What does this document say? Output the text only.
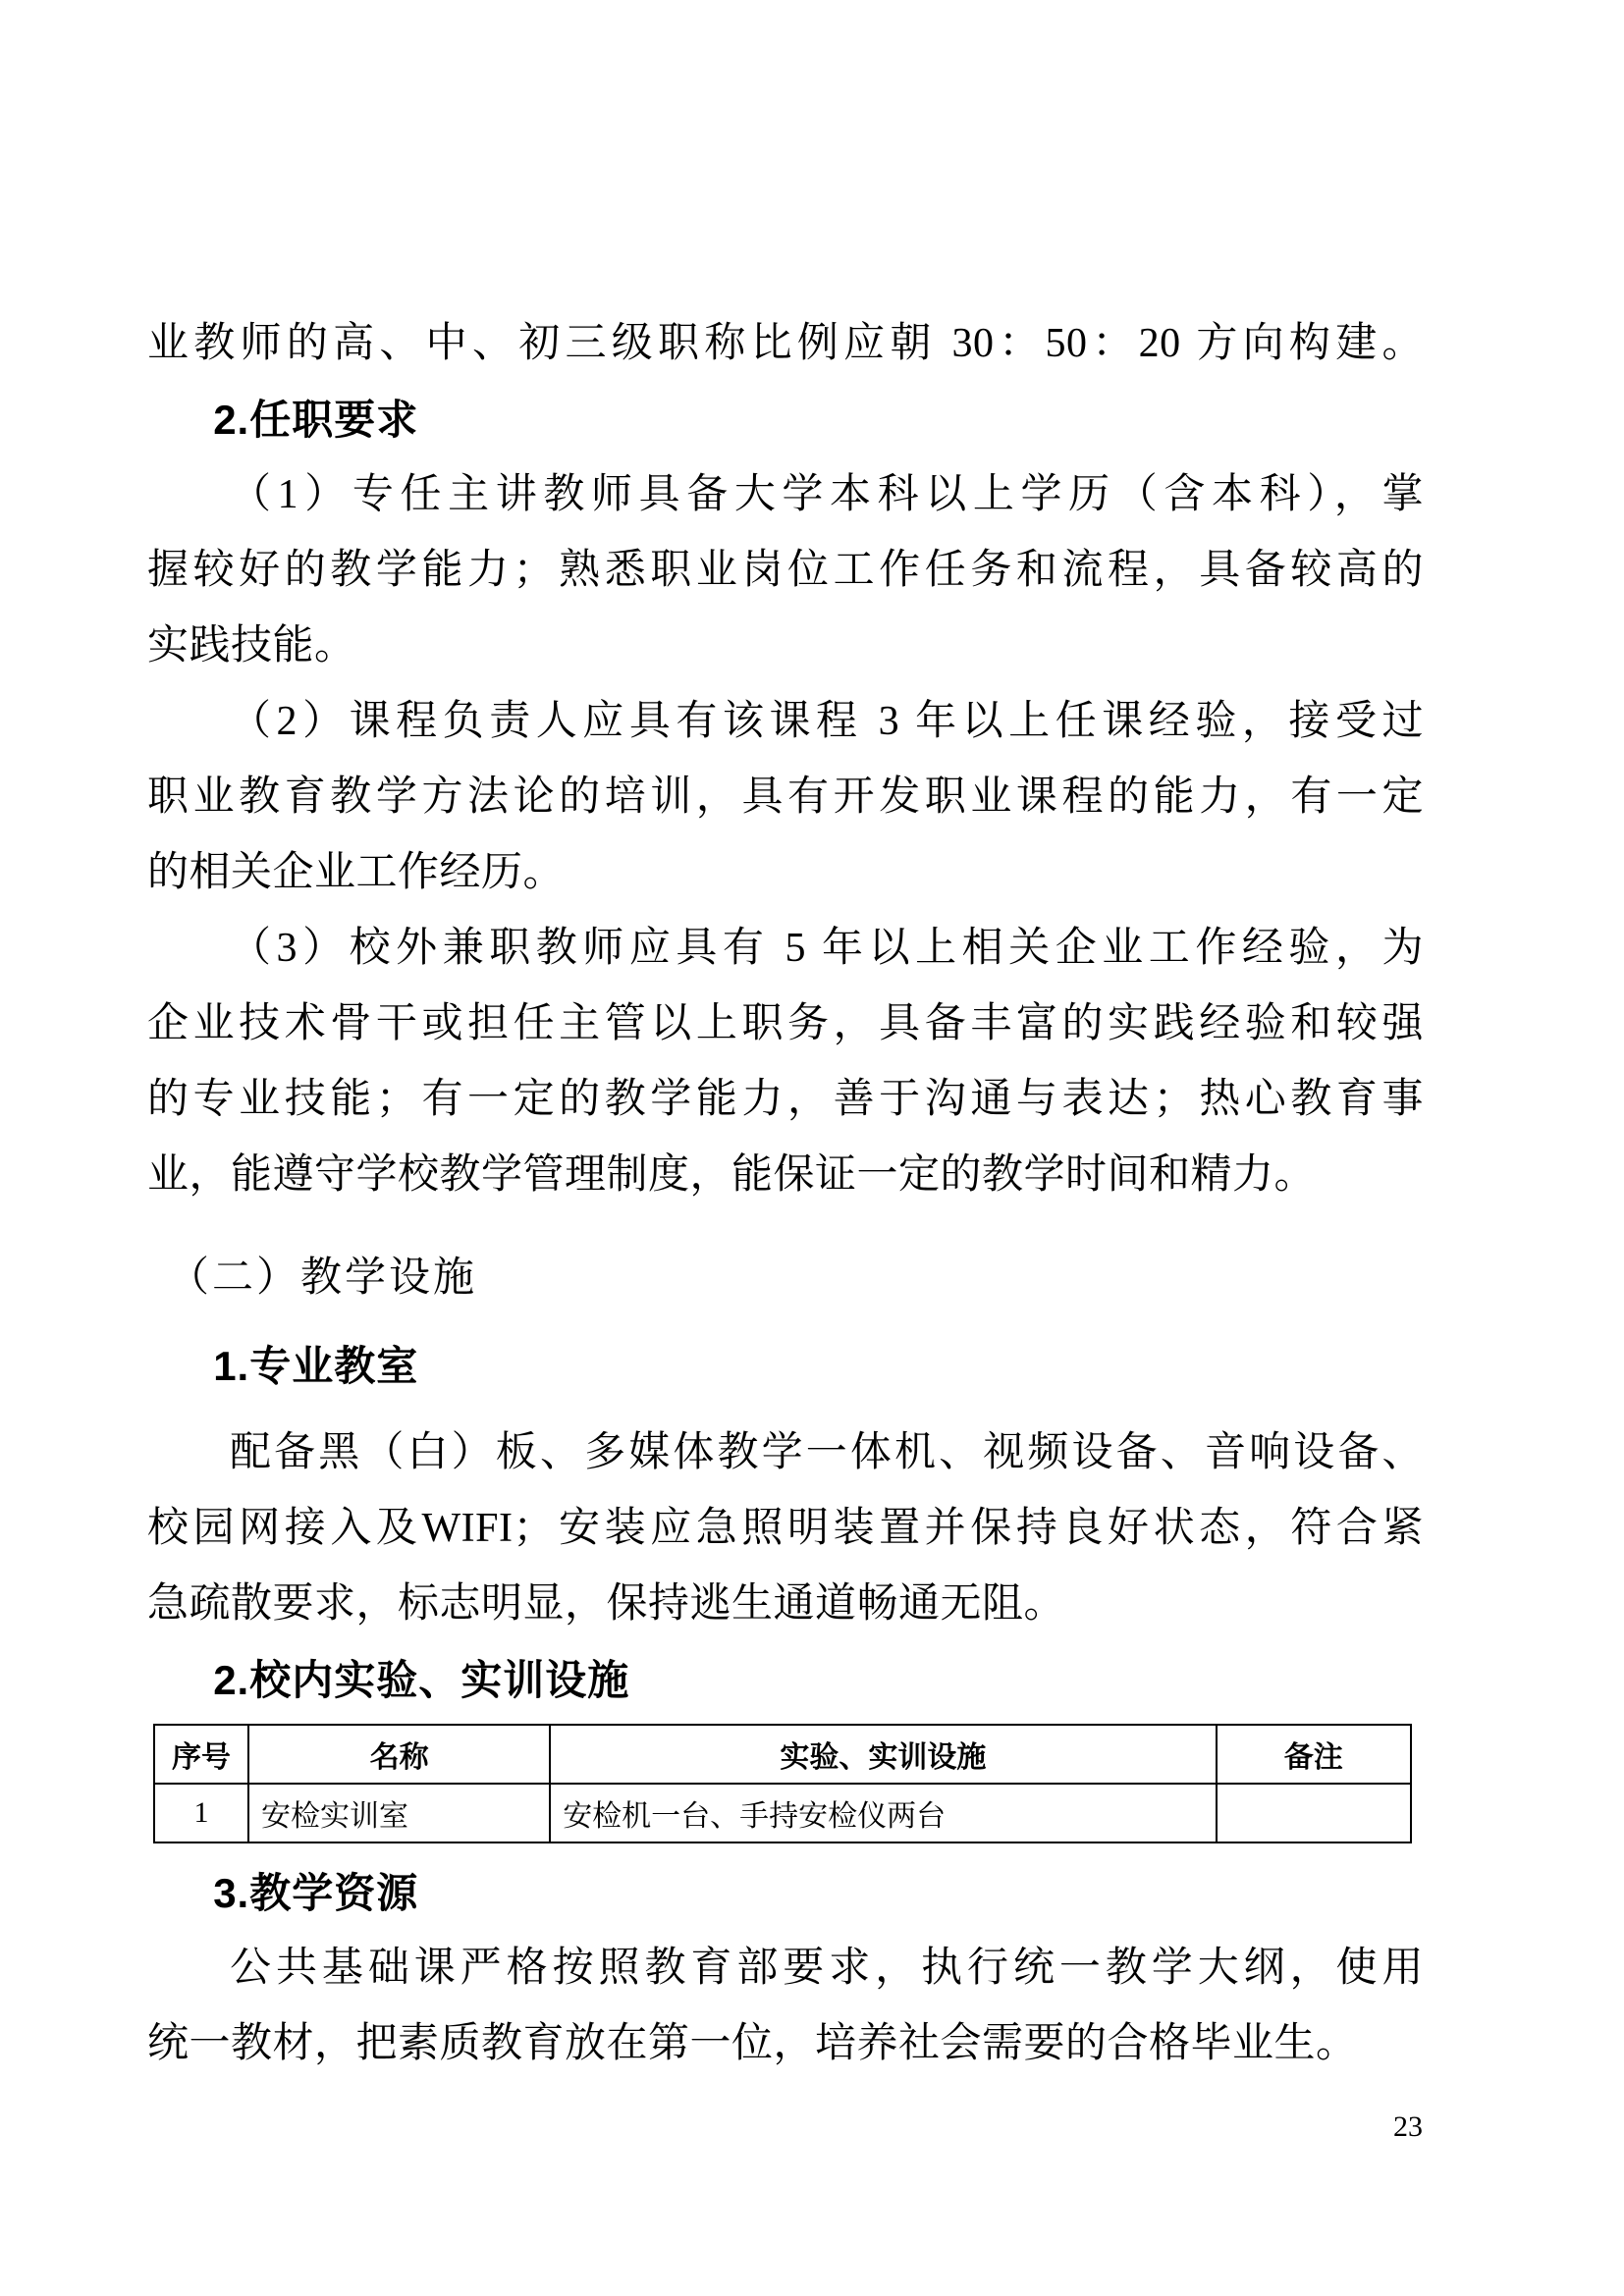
业教师的高、中、初三级职称比例应朝 30：50：20 方向构建。
2.任职要求
（1）专任主讲教师具备大学本科以上学历（含本科），掌
握较好的教学能力；熟悉职业岗位工作任务和流程，具备较高的
实践技能。
（2）课程负责人应具有该课程 3 年以上任课经验，接受过
职业教育教学方法论的培训，具有开发职业课程的能力，有一定
的相关企业工作经历。
（3）校外兼职教师应具有 5 年以上相关企业工作经验，为
企业技术骨干或担任主管以上职务，具备丰富的实践经验和较强
的专业技能；有一定的教学能力，善于沟通与表达；热心教育事
业，能遵守学校教学管理制度，能保证一定的教学时间和精力。
（二）教学设施
1.专业教室
配备黑（白）板、多媒体教学一体机、视频设备、音响设备、
校园网接入及WIFI；安装应急照明装置并保持良好状态，符合紧
急疏散要求，标志明显，保持逃生通道畅通无阻。
2.校内实验、实训设施
序号	名称	实验、实训设施	备注
1	安检实训室	安检机一台、手持安检仪两台	
3.教学资源
公共基础课严格按照教育部要求，执行统一教学大纲，使用
统一教材，把素质教育放在第一位，培养社会需要的合格毕业生。
23
